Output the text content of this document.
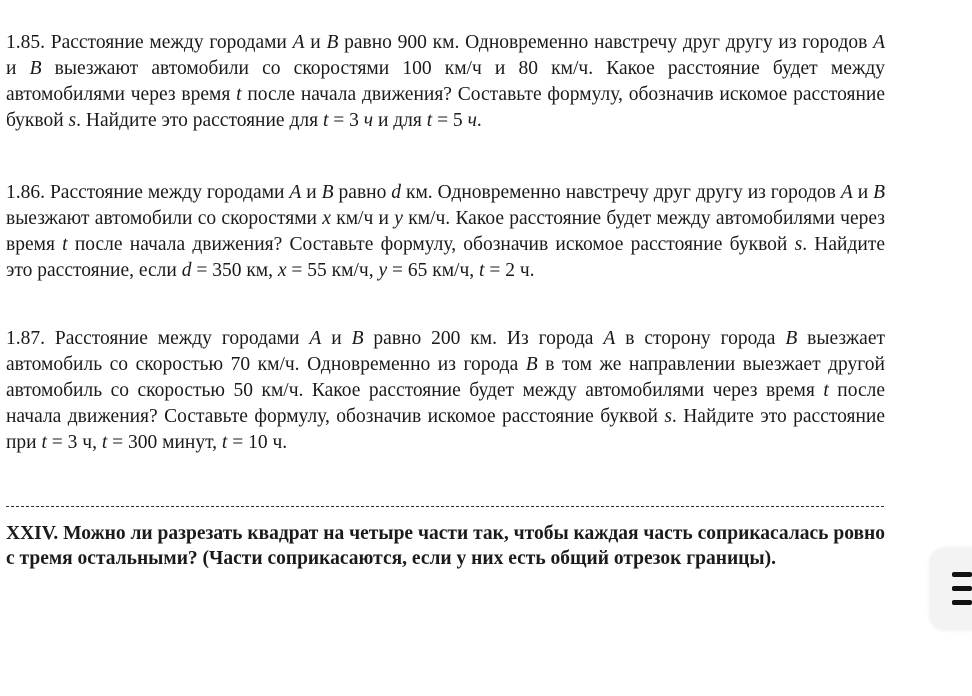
1.85. Расстояние между городами A и B равно 900 км. Одновременно навстречу друг другу из городов A и B выезжают автомобили со скоростями 100 км/ч и 80 км/ч. Какое расстояние будет между автомобилями через время t после начала движения? Составьте формулу, обозначив искомое расстояние буквой s. Найдите это расстояние для t = 3 ч и для t = 5 ч.

1.86. Расстояние между городами A и B равно d км. Одновременно навстречу друг другу из городов A и B выезжают автомобили со скоростями x км/ч и y км/ч. Какое расстояние будет между автомобилями через время t после начала движения? Составьте формулу, обозначив искомое расстояние буквой s. Найдите это расстояние, если d = 350 км, x = 55 км/ч, y = 65 км/ч, t = 2 ч.

1.87. Расстояние между городами A и B равно 200 км. Из города A в сторону города B выезжает автомобиль со скоростью 70 км/ч. Одновременно из города B в том же направлении выезжает другой автомобиль со скоростью 50 км/ч. Какое расстояние будет между автомобилями через время t после начала движения? Составьте формулу, обозначив искомое расстояние буквой s. Найдите это расстояние при t = 3 ч, t = 300 минут, t = 10 ч.

XXIV. Можно ли разрезать квадрат на четыре части так, чтобы каждая часть соприкасалась ровно с тремя остальными? (Части соприкасаются, если у них есть общий отрезок границы).
